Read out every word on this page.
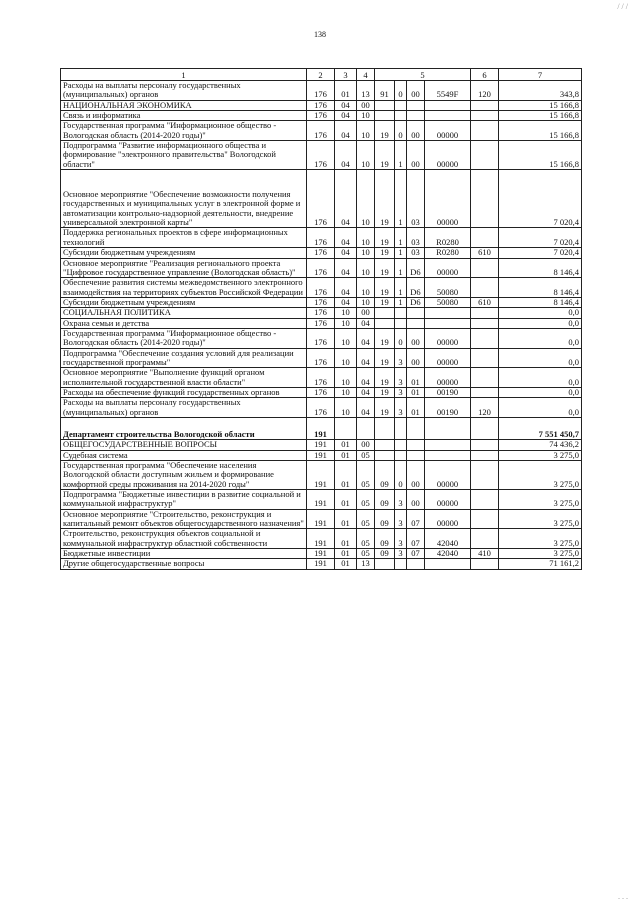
/ / /
138
1	2	3	4	5				6	7
Расходы на выплаты персоналу государственных (муниципальных) органов	176	01	13	91	0	00	5549F	120	343,8
НАЦИОНАЛЬНАЯ ЭКОНОМИКА	176	04	00						15 166,8
Связь и информатика	176	04	10						15 166,8
Государственная программа "Информационное общество - Вологодская область (2014-2020 годы)"	176	04	10	19	0	00	00000		15 166,8
Подпрограмма "Развитие информационного общества и формирование "электронного правительства" Вологодской области"	176	04	10	19	1	00	00000		15 166,8
Основное мероприятие "Обеспечение возможности получения государственных и муниципальных услуг в электронной форме и автоматизации контрольно-надзорной деятельности, внедрение универсальной электронной карты"	176	04	10	19	1	03	00000		7 020,4
Поддержка региональных проектов в сфере информационных технологий	176	04	10	19	1	03	R0280		7 020,4
Субсидии бюджетным учреждениям	176	04	10	19	1	03	R0280	610	7 020,4
Основное мероприятие "Реализация регионального проекта "Цифровое государственное управление (Вологодская область)"	176	04	10	19	1	D6	00000		8 146,4
Обеспечение развития системы межведомственного электронного взаимодействия на территориях субъектов Российской Федерации	176	04	10	19	1	D6	50080		8 146,4
Субсидии бюджетным учреждениям	176	04	10	19	1	D6	50080	610	8 146,4
СОЦИАЛЬНАЯ ПОЛИТИКА	176	10	00						0,0
Охрана семьи и детства	176	10	04						0,0
Государственная программа "Информационное общество - Вологодская область (2014-2020 годы)"	176	10	04	19	0	00	00000		0,0
Подпрограмма "Обеспечение создания условий для реализации государственной программы"	176	10	04	19	3	00	00000		0,0
Основное мероприятие "Выполнение функций органом исполнительной государственной власти области"	176	10	04	19	3	01	00000		0,0
Расходы на обеспечение функций государственных органов	176	10	04	19	3	01	00190		0,0
Расходы на выплаты персоналу государственных (муниципальных) органов	176	10	04	19	3	01	00190	120	0,0
Департамент строительства Вологодской области	191								7 551 450,7
ОБЩЕГОСУДАРСТВЕННЫЕ ВОПРОСЫ	191	01	00						74 436,2
Судебная система	191	01	05						3 275,0
Государственная программа "Обеспечение населения Вологодской области доступным жильем и формирование комфортной среды проживания на 2014-2020 годы"	191	01	05	09	0	00	00000		3 275,0
Подпрограмма "Бюджетные инвестиции в развитие социальной и коммунальной инфраструктур"	191	01	05	09	3	00	00000		3 275,0
Основное мероприятие "Строительство, реконструкция и капитальный ремонт объектов общегосударственного назначения"	191	01	05	09	3	07	00000		3 275,0
Строительство, реконструкция объектов социальной и коммунальной инфраструктур областной собственности	191	01	05	09	3	07	42040		3 275,0
Бюджетные инвестиции	191	01	05	09	3	07	42040	410	3 275,0
Другие общегосударственные вопросы	191	01	13						71 161,2
. . .
